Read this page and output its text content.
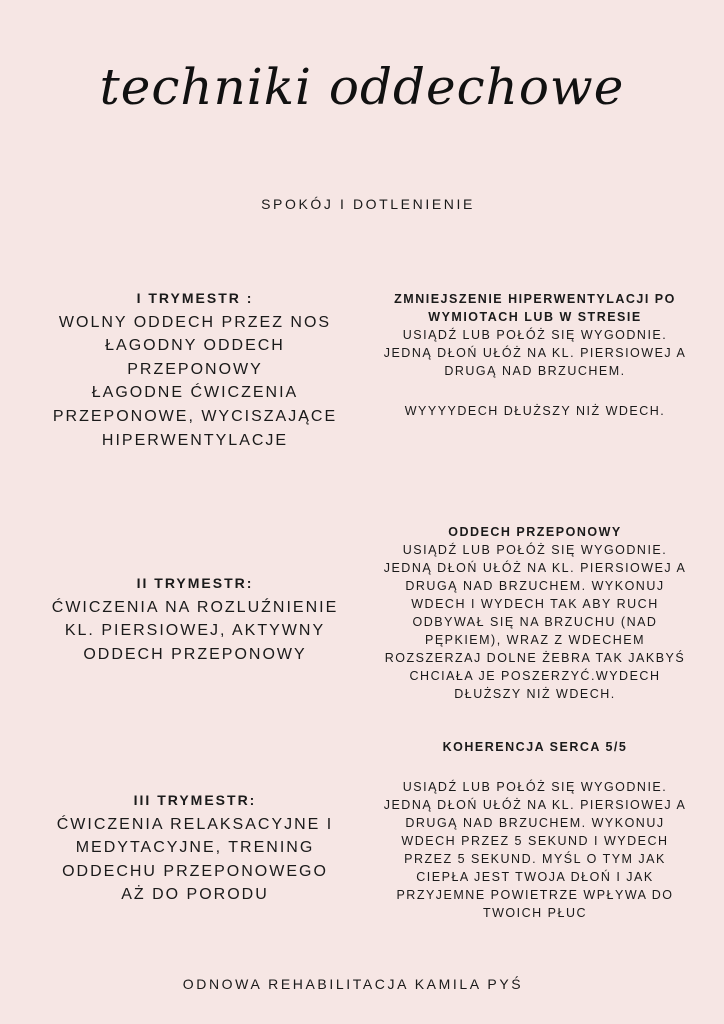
techniki oddechowe
SPOKÓJ I DOTLENIENIE
I TRYMESTR :
WOLNY ODDECH PRZEZ NOS
ŁAGODNY ODDECH
PRZEPONOWY
ŁAGODNE ĆWICZENIA
PRZEPONOWE, WYCISZAJĄCE
HIPERWENTYLACJE
II TRYMESTR:
ĆWICZENIA NA ROZLUŹNIENIE
KL. PIERSIOWEJ, AKTYWNY
ODDECH PRZEPONOWY
III TRYMESTR:
ĆWICZENIA RELAKSACYJNE I
MEDYTACYJNE, TRENING
ODDECHU PRZEPONOWEGO
AŻ DO PORODU
ZMNIEJSZENIE HIPERWENTYLACJI PO
WYMIOTACH LUB W STRESIE
USIĄDŹ LUB POŁÓŻ SIĘ WYGODNIE.
JEDNĄ DŁOŃ UŁÓŻ NA KL. PIERSIOWEJ A
DRUGĄ NAD BRZUCHEM.
WYYYYDECH DŁUŻSZY NIŻ WDECH.
ODDECH PRZEPONOWY
USIĄDŹ LUB POŁÓŻ SIĘ WYGODNIE.
JEDNĄ DŁOŃ UŁÓŻ NA KL. PIERSIOWEJ A
DRUGĄ NAD BRZUCHEM. WYKONUJ
WDECH I WYDECH TAK ABY RUCH
ODBYWAŁ SIĘ NA BRZUCHU (NAD
PĘPKIEM), WRAZ Z WDECHEM
ROZSZERZAJ DOLNE ŻEBRA TAK JAKBYŚ
CHCIAŁA JE POSZERZYĆ.WYDECH
DŁUŻSZY NIŻ WDECH.
KOHERENCJA SERCA 5/5
USIĄDŹ LUB POŁÓŻ SIĘ WYGODNIE.
JEDNĄ DŁOŃ UŁÓŻ NA KL. PIERSIOWEJ A
DRUGĄ NAD BRZUCHEM. WYKONUJ
WDECH PRZEZ 5 SEKUND I WYDECH
PRZEZ 5 SEKUND. MYŚL O TYM JAK
CIEPŁA JEST TWOJA DŁOŃ I JAK
PRZYJEMNE POWIETRZE WPŁYWA DO
TWOICH PŁUC
ODNOWA REHABILITACJA KAMILA PYŚ
